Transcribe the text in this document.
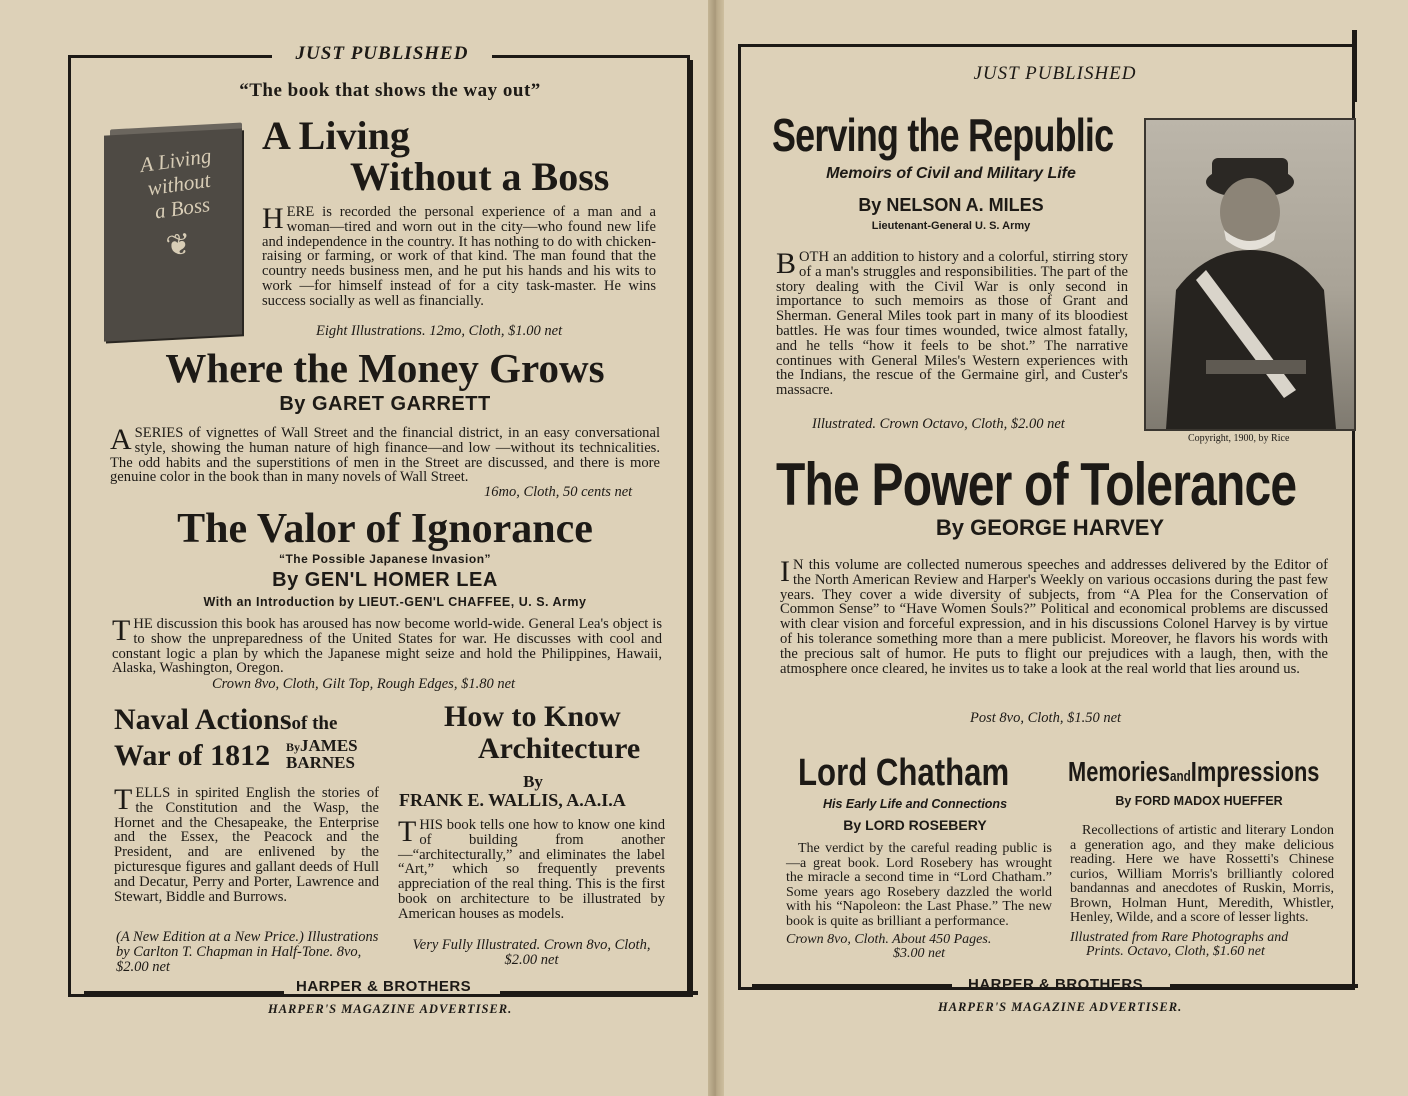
JUST PUBLISHED
“The book that shows the way out”
A Living
without
a Boss
❦
A Living
Without a Boss
HERE is recorded the personal experience of a man and a woman—tired and worn out in the city—who found new life and independence in the country. It has nothing to do with chicken-raising or farming, or work of that kind. The man found that the country needs business men, and he put his hands and his wits to work —for himself instead of for a city task-master. He wins success socially as well as financially.
Eight Illustrations. 12mo, Cloth, $1.00 net
Where the Money Grows
By GARET GARRETT
ASERIES of vignettes of Wall Street and the financial district, in an easy conversational style, showing the human nature of high finance—and low —without its technicalities. The odd habits and the superstitions of men in the Street are discussed, and there is more genuine color in the book than in many novels of Wall Street.
16mo, Cloth, 50 cents net
The Valor of Ignorance
“The Possible Japanese Invasion”
By GEN'L HOMER LEA
With an Introduction by LIEUT.-GEN'L CHAFFEE, U. S. Army
THE discussion this book has aroused has now become world-wide. General Lea's object is to show the unpreparedness of the United States for war. He discusses with cool and constant logic a plan by which the Japanese might seize and hold the Philippines, Hawaii, Alaska, Washington, Oregon.
Crown 8vo, Cloth, Gilt Top, Rough Edges, $1.80 net
Naval Actionsof the
War of 1812 ByJAMES
BARNES
TELLS in spirited English the stories of the Constitution and the Wasp, the Hornet and the Chesapeake, the Enterprise and the Essex, the Peacock and the President, and are enlivened by the picturesque figures and gallant deeds of Hull and Decatur, Perry and Porter, Lawrence and Stewart, Biddle and Burrows.
(A New Edition at a New Price.) Illustrations by Carlton T. Chapman in Half-Tone. 8vo, $2.00 net
How to Know
Architecture
By
FRANK E. WALLIS, A.A.I.A
THIS book tells one how to know one kind of building from another —“architecturally,” and eliminates the label “Art,” which so frequently prevents appreciation of the real thing. This is the first book on architecture to be illustrated by American houses as models.
Very Fully Illustrated. Crown 8vo, Cloth, $2.00 net
HARPER & BROTHERS
HARPER'S MAGAZINE ADVERTISER.
JUST PUBLISHED
Serving the Republic
Memoirs of Civil and Military Life
By NELSON A. MILES
Lieutenant-General U. S. Army
BOTH an addition to history and a colorful, stirring story of a man's struggles and responsibilities. The part of the story dealing with the Civil War is only second in importance to such memoirs as those of Grant and Sherman. General Miles took part in many of its bloodiest battles. He was four times wounded, twice almost fatally, and he tells “how it feels to be shot.” The narrative continues with General Miles's Western experiences with the Indians, the rescue of the Germaine girl, and Custer's massacre.
Illustrated. Crown Octavo, Cloth, $2.00 net
Copyright, 1900, by Rice
The Power of Tolerance
By GEORGE HARVEY
IN this volume are collected numerous speeches and addresses delivered by the Editor of the North American Review and Harper's Weekly on various occasions during the past few years. They cover a wide diversity of subjects, from “A Plea for the Conservation of Common Sense” to “Have Women Souls?” Political and economical problems are discussed with clear vision and forceful expression, and in his discussions Colonel Harvey is by virtue of his tolerance something more than a mere publicist. Moreover, he flavors his words with the precious salt of humor. He puts to flight our prejudices with a laugh, then, with the atmosphere once cleared, he invites us to take a look at the real world that lies around us.
Post 8vo, Cloth, $1.50 net
Lord Chatham
His Early Life and Connections
By LORD ROSEBERY
The verdict by the careful reading public is—a great book. Lord Rosebery has wrought the miracle a second time in “Lord Chatham.” Some years ago Rosebery dazzled the world with his “Napoleon: the Last Phase.” The new book is quite as brilliant a performance.
Crown 8vo, Cloth. About 450 Pages.
$3.00 net
MemoriesandImpressions
By FORD MADOX HUEFFER
Recollections of artistic and literary London a generation ago, and they make delicious reading. Here we have Rossetti's Chinese curios, William Morris's brilliantly colored bandannas and anecdotes of Ruskin, Morris, Brown, Holman Hunt, Meredith, Whistler, Henley, Wilde, and a score of lesser lights.
Illustrated from Rare Photographs and
Prints. Octavo, Cloth, $1.60 net
HARPER & BROTHERS
HARPER'S MAGAZINE ADVERTISER.
